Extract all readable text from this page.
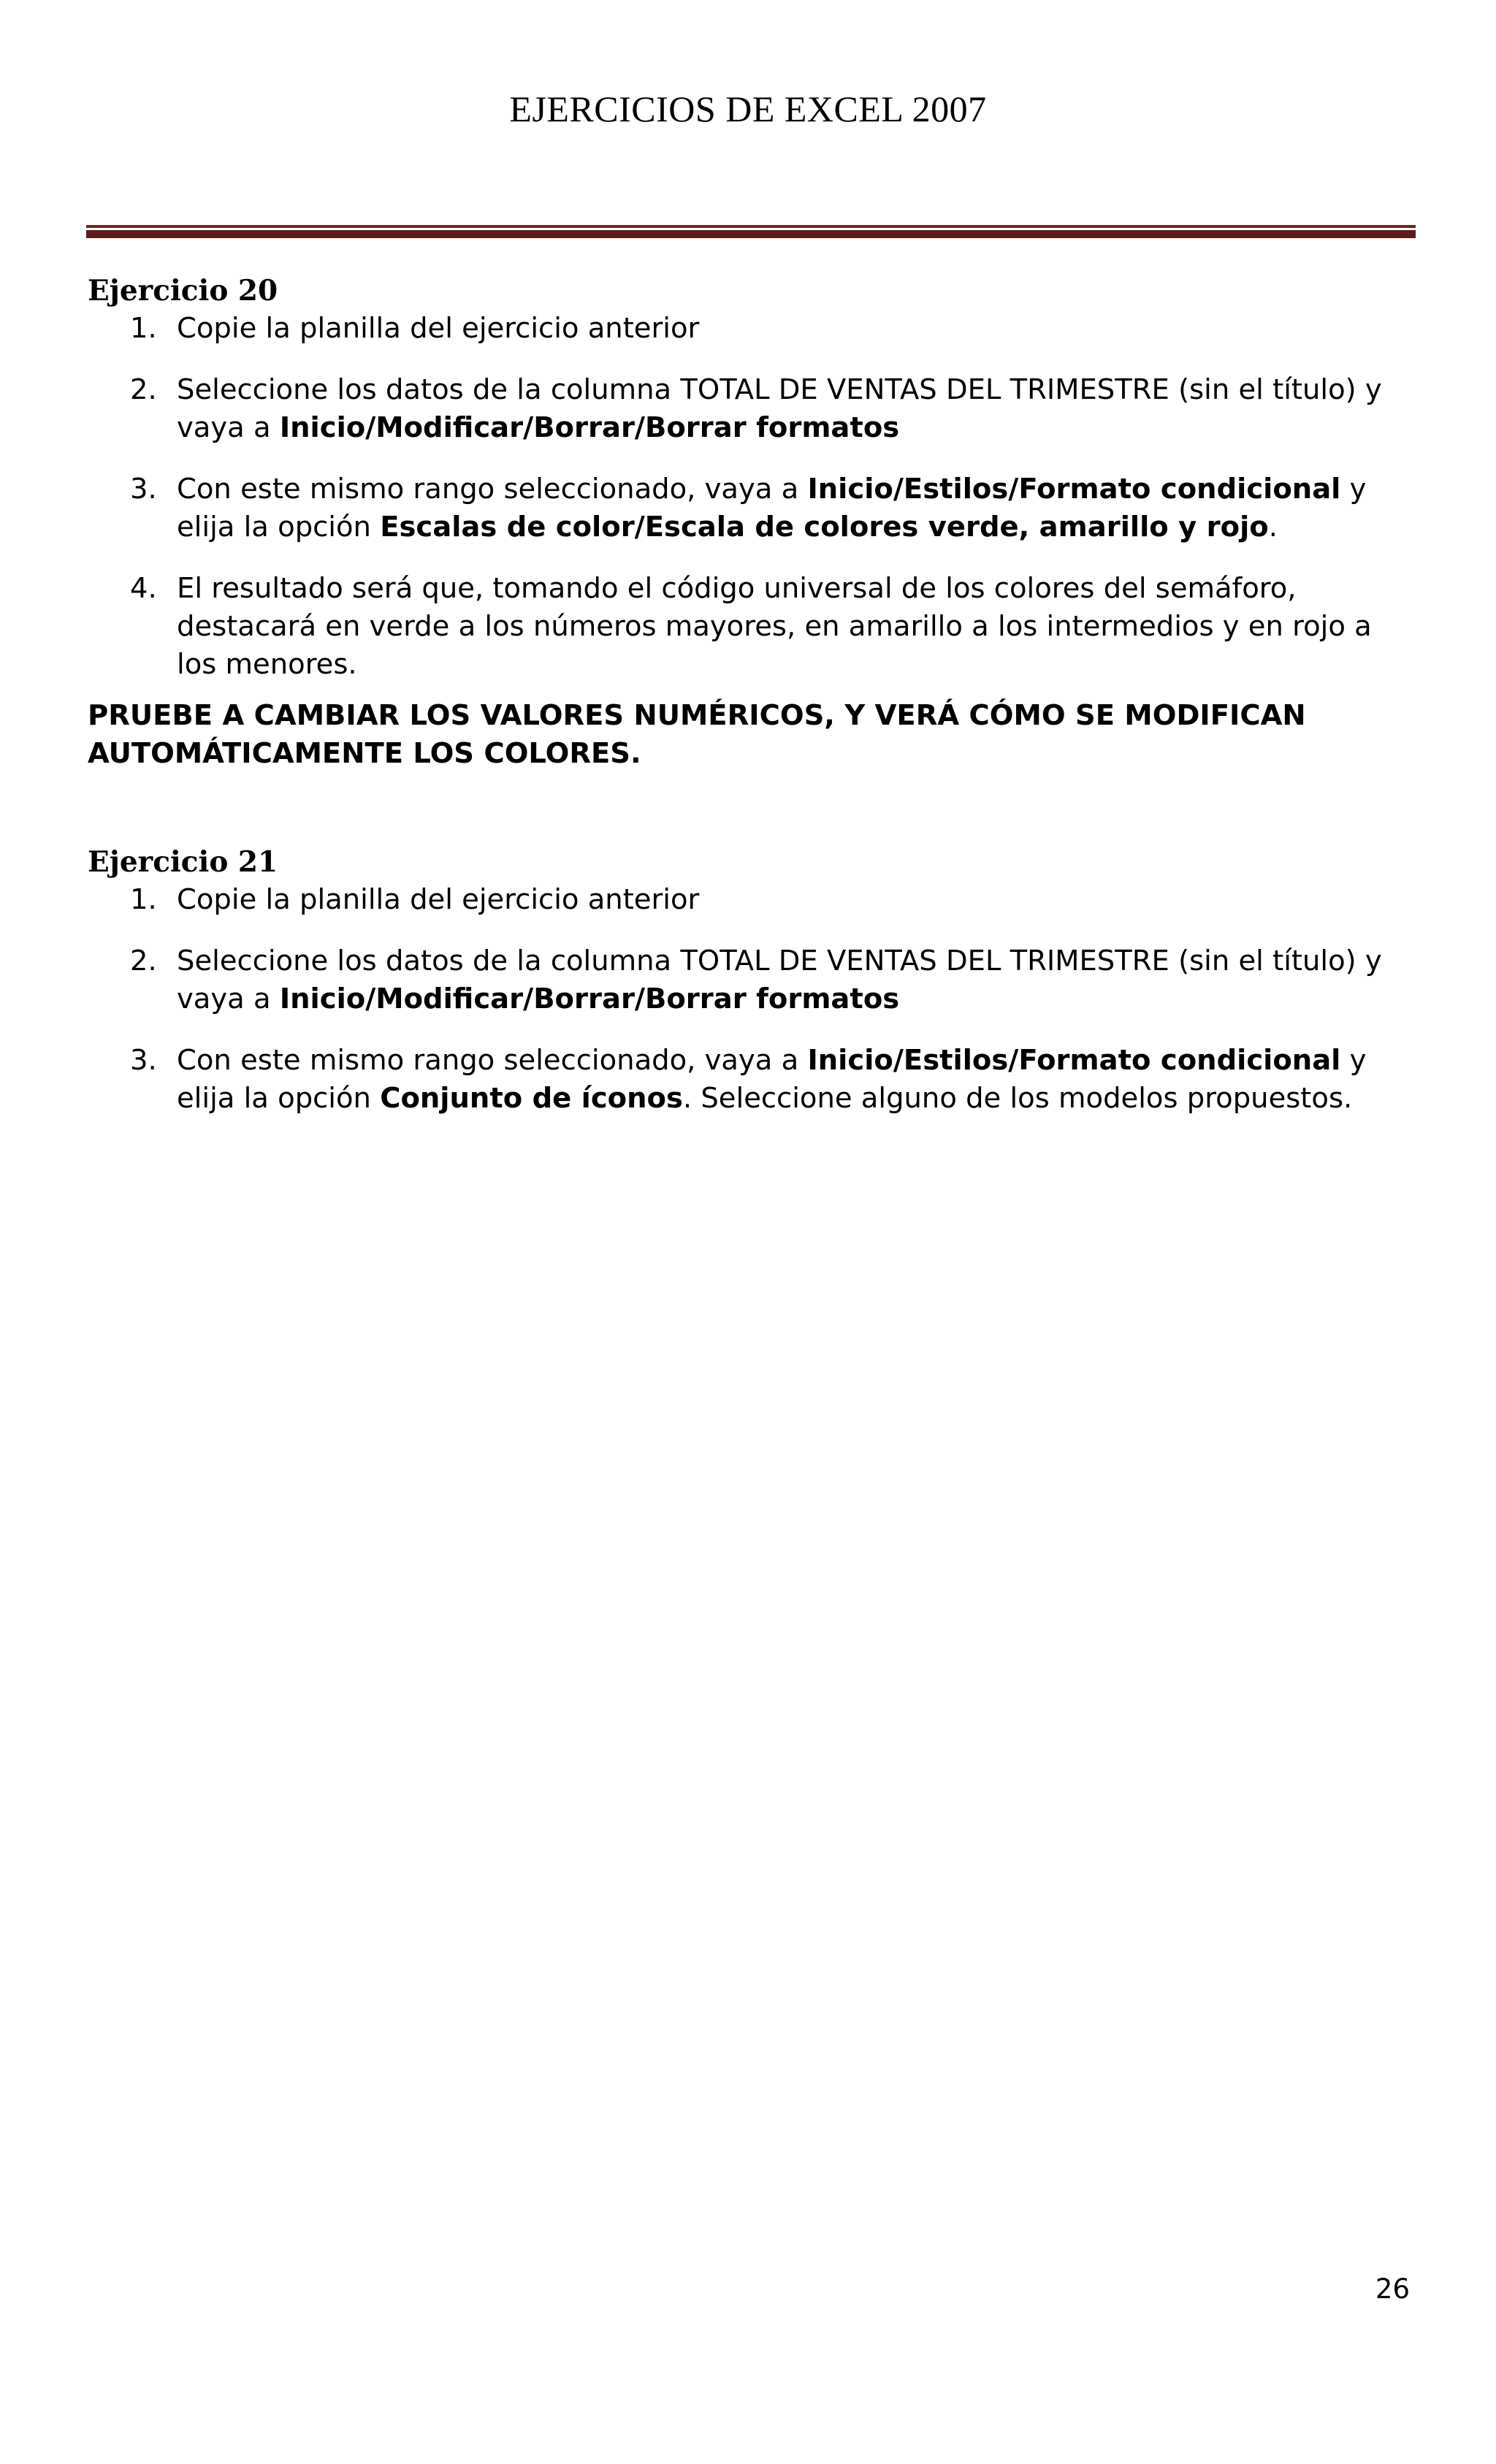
EJERCICIOS DE EXCEL 2007
Ejercicio 20
1. Copie la planilla del ejercicio anterior
2. Seleccione los datos de la columna TOTAL DE VENTAS DEL TRIMESTRE (sin el título) y vaya a Inicio/Modificar/Borrar/Borrar formatos
3. Con este mismo rango seleccionado, vaya a Inicio/Estilos/Formato condicional y elija la opción Escalas de color/Escala de colores verde, amarillo y rojo.
4. El resultado será que, tomando el código universal de los colores del semáforo, destacará en verde a los números mayores, en amarillo a los intermedios y en rojo a los menores.

PRUEBE A CAMBIAR LOS VALORES NUMÉRICOS, Y VERÁ CÓMO SE MODIFICAN AUTOMÁTICAMENTE LOS COLORES.

Ejercicio 21
1. Copie la planilla del ejercicio anterior
2. Seleccione los datos de la columna TOTAL DE VENTAS DEL TRIMESTRE (sin el título) y vaya a Inicio/Modificar/Borrar/Borrar formatos
3. Con este mismo rango seleccionado, vaya a Inicio/Estilos/Formato condicional y elija la opción Conjunto de íconos. Seleccione alguno de los modelos propuestos.
26
